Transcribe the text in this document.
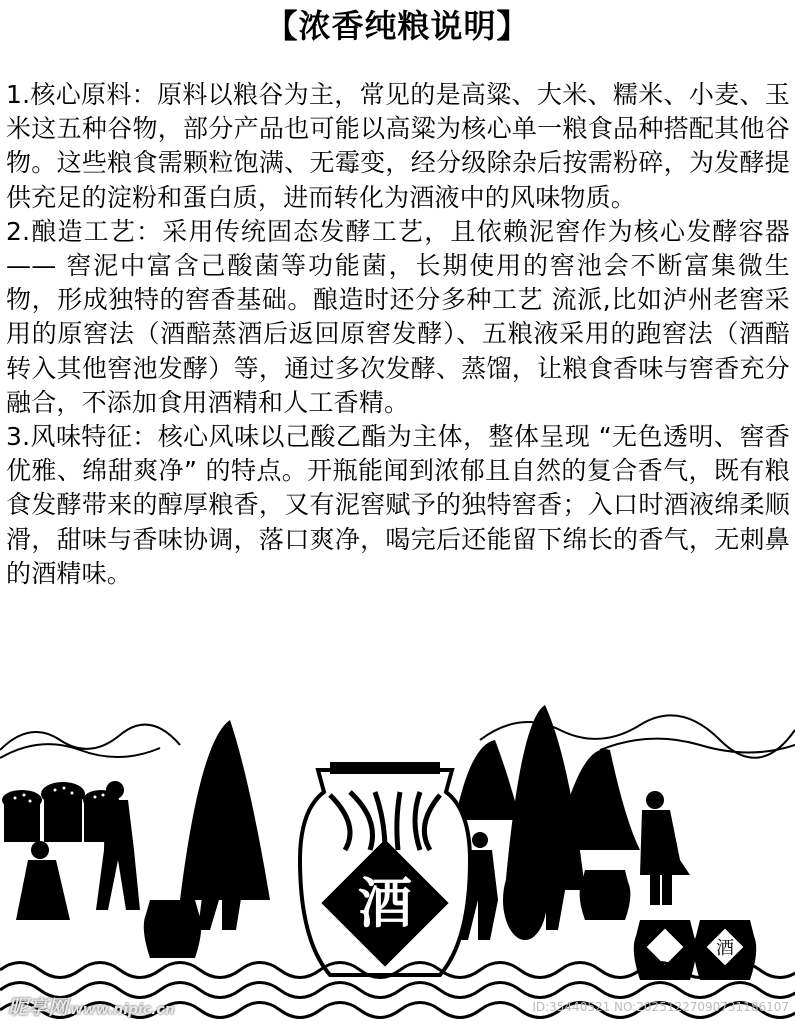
【浓香纯粮说明】

1.核心原料：原料以粮谷为主，常见的是高粱、大米、糯米、小麦、玉米这五种谷物，部分产品也可能以高粱为核心单一粮食品种搭配其他谷物。这些粮食需颗粒饱满、无霉变，经分级除杂后按需粉碎，为发酵提供充足的淀粉和蛋白质，进而转化为酒液中的风味物质。

2.酿造工艺：采用传统固态发酵工艺，且依赖泥窖作为核心发酵容器 —— 窖泥中富含己酸菌等功能菌，长期使用的窖池会不断富集微生物，形成独特的窖香基础。酿造时还分多种工艺 流派,比如泸州老窖采用的原窖法（酒醅蒸酒后返回原窖发酵）、五粮液采用的跑窖法（酒醅转入其他窖池发酵）等，通过多次发酵、蒸馏，让粮食香味与窖香充分融合，不添加食用酒精和人工香精。

3.风味特征：核心风味以己酸乙酯为主体，整体呈现 “无色透明、窖香优雅、绵甜爽净” 的特点。开瓶能闻到浓郁且自然的复合香气，既有粮食发酵带来的醇厚粮香，又有泥窖赋予的独特窖香；入口时酒液绵柔顺滑，甜味与香味协调，落口爽净，喝完后还能留下绵长的香气，无刺鼻的酒精味。

酒
酒
昵享网 www.nipic.cn	ID:35440521 NO:20251227090731186107
